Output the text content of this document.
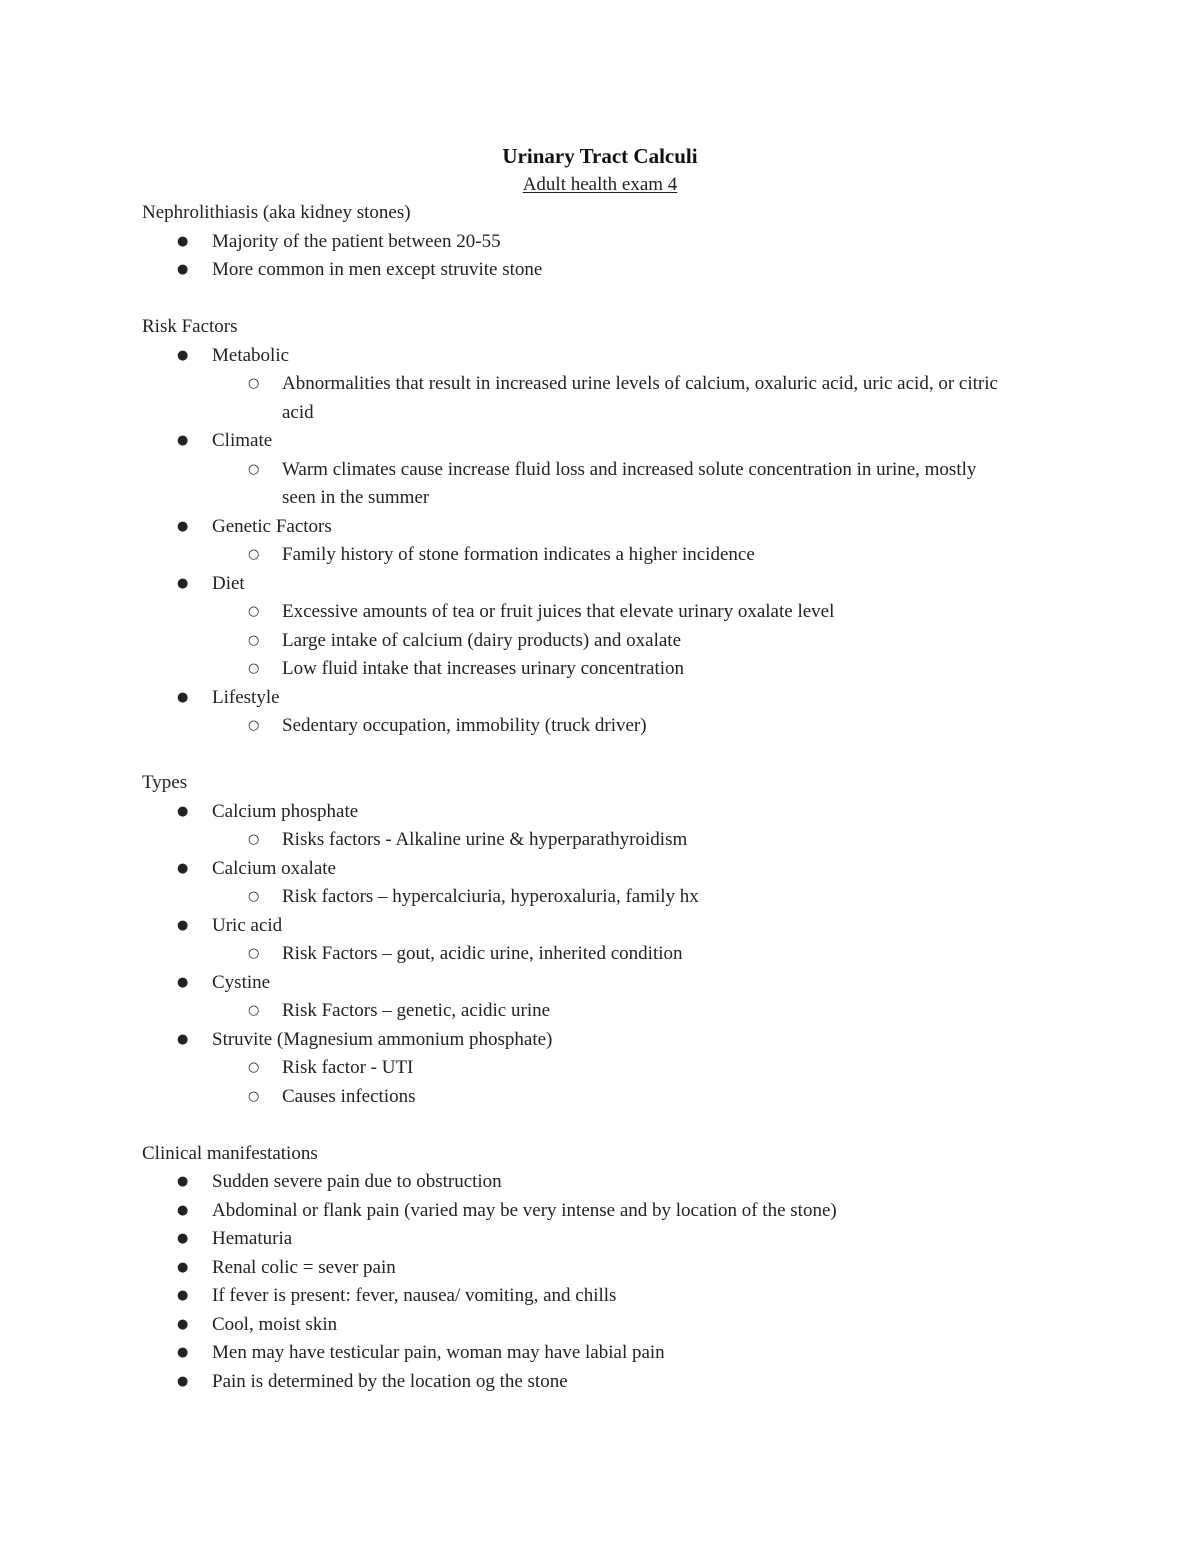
Urinary Tract Calculi

Adult health exam 4

Nephrolithiasis (aka kidney stones)

● Majority of the patient between 20-55
● More common in men except struvite stone

Risk Factors

● Metabolic
○ Abnormalities that result in increased urine levels of calcium, oxaluric acid, uric acid, or citric acid
● Climate
○ Warm climates cause increase fluid loss and increased solute concentration in urine, mostly seen in the summer
● Genetic Factors
○ Family history of stone formation indicates a higher incidence
● Diet
○ Excessive amounts of tea or fruit juices that elevate urinary oxalate level
○ Large intake of calcium (dairy products) and oxalate
○ Low fluid intake that increases urinary concentration
● Lifestyle
○ Sedentary occupation, immobility (truck driver)

Types

● Calcium phosphate
○ Risks factors - Alkaline urine & hyperparathyroidism
● Calcium oxalate
○ Risk factors – hypercalciuria, hyperoxaluria, family hx
● Uric acid
○ Risk Factors – gout, acidic urine, inherited condition
● Cystine
○ Risk Factors – genetic, acidic urine
● Struvite (Magnesium ammonium phosphate)
○ Risk factor - UTI
○ Causes infections

Clinical manifestations

● Sudden severe pain due to obstruction
● Abdominal or flank pain (varied may be very intense and by location of the stone)
● Hematuria
● Renal colic = sever pain
● If fever is present: fever, nausea/ vomiting, and chills
● Cool, moist skin
● Men may have testicular pain, woman may have labial pain
● Pain is determined by the location og the stone
